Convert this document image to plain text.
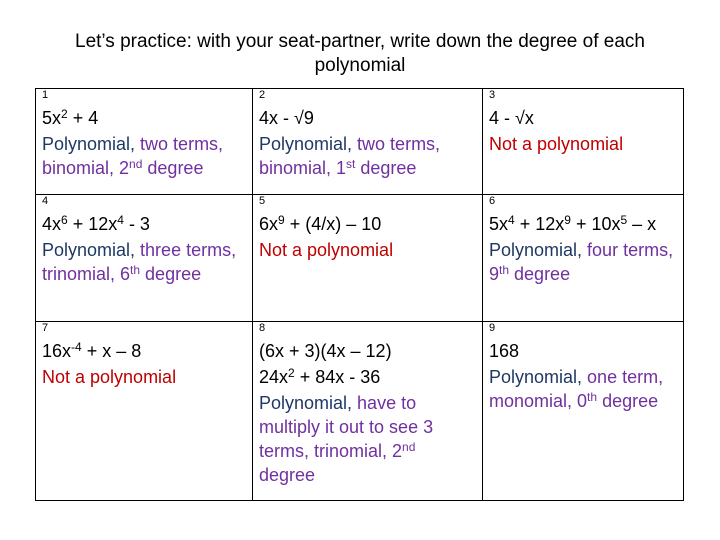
Let’s practice: with your seat-partner, write down the degree of each polynomial
1
$5x^2 + 4$
Polynomial, two terms, binomial, 2nd degree	2
4x - √9
Polynomial, two terms, binomial, 1st degree	3
4 - √x
Not a polynomial

4
$4x^6 + 12x^4 - 3$
Polynomial, three terms, trinomial, 6th degree	5
$6x^9 + (4/x) - 10$
Not a polynomial	6
$5x^4 + 12x^9 + 10x^5 - x$
Polynomial, four terms, 9th degree

7
$16x^{-4} + x - 8$
Not a polynomial	8
(6x + 3)(4x – 12)
$24x^2 + 84x - 36$
Polynomial, have to multiply it out to see 3 terms, trinomial, 2nd degree	9
168
Polynomial, one term, monomial, 0th degree
